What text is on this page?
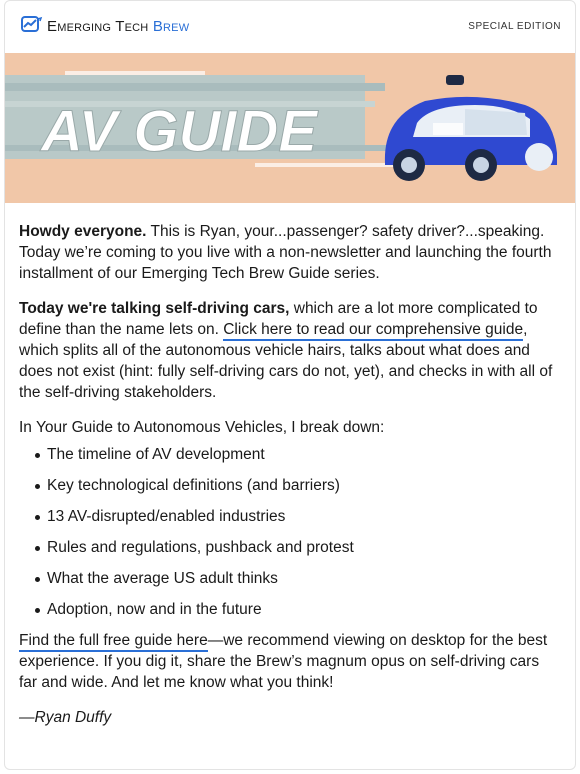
Emerging Tech Brew	SPECIAL EDITION
AV GUIDE

Howdy everyone. This is Ryan, your...passenger? safety driver?...speaking. Today we’re coming to you live with a non-newsletter and launching the fourth installment of our Emerging Tech Brew Guide series.

Today we're talking self-driving cars, which are a lot more complicated to define than the name lets on. Click here to read our comprehensive guide, which splits all of the autonomous vehicle hairs, talks about what does and does not exist (hint: fully self-driving cars do not, yet), and checks in with all of the self-driving stakeholders.

In Your Guide to Autonomous Vehicles, I break down:

The timeline of AV development
Key technological definitions (and barriers)
13 AV-disrupted/enabled industries
Rules and regulations, pushback and protest
What the average US adult thinks
Adoption, now and in the future

Find the full free guide here—we recommend viewing on desktop for the best experience. If you dig it, share the Brew’s magnum opus on self-driving cars far and wide. And let me know what you think!

—Ryan Duffy
